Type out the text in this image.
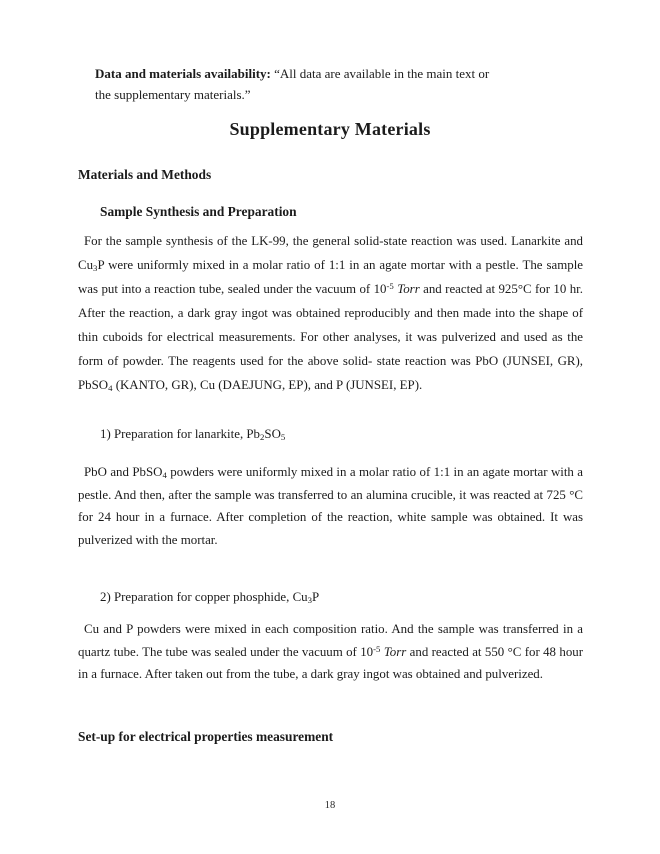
Data and materials availability: “All data are available in the main text or the supplementary materials.”

Supplementary Materials
Materials and Methods
Sample Synthesis and Preparation

For the sample synthesis of the LK-99, the general solid-state reaction was used. Lanarkite and $Cu_3P$ were uniformly mixed in a molar ratio of 1:1 in an agate mortar with a pestle. The sample was put into a reaction tube, sealed under the vacuum of $10^{-5}$ Torr and reacted at 925°C for 10 hr. After the reaction, a dark gray ingot was obtained reproducibly and then made into the shape of thin cuboids for electrical measurements. For other analyses, it was pulverized and used as the form of powder. The reagents used for the above solid- state reaction was PbO (JUNSEI, GR), PbSO$_4$ (KANTO, GR), Cu (DAEJUNG, EP), and P (JUNSEI, EP).

1) Preparation for lanarkite, $Pb_2SO_5$

PbO and PbSO$_4$ powders were uniformly mixed in a molar ratio of 1:1 in an agate mortar with a pestle. And then, after the sample was transferred to an alumina crucible, it was reacted at 725 °C for 24 hour in a furnace. After completion of the reaction, white sample was obtained. It was pulverized with the mortar.

2) Preparation for copper phosphide, $Cu_3P$

Cu and P powders were mixed in each composition ratio. And the sample was transferred in a quartz tube. The tube was sealed under the vacuum of $10^{-5}$ Torr and reacted at 550 °C for 48 hour in a furnace. After taken out from the tube, a dark gray ingot was obtained and pulverized.

Set-up for electrical properties measurement
18
